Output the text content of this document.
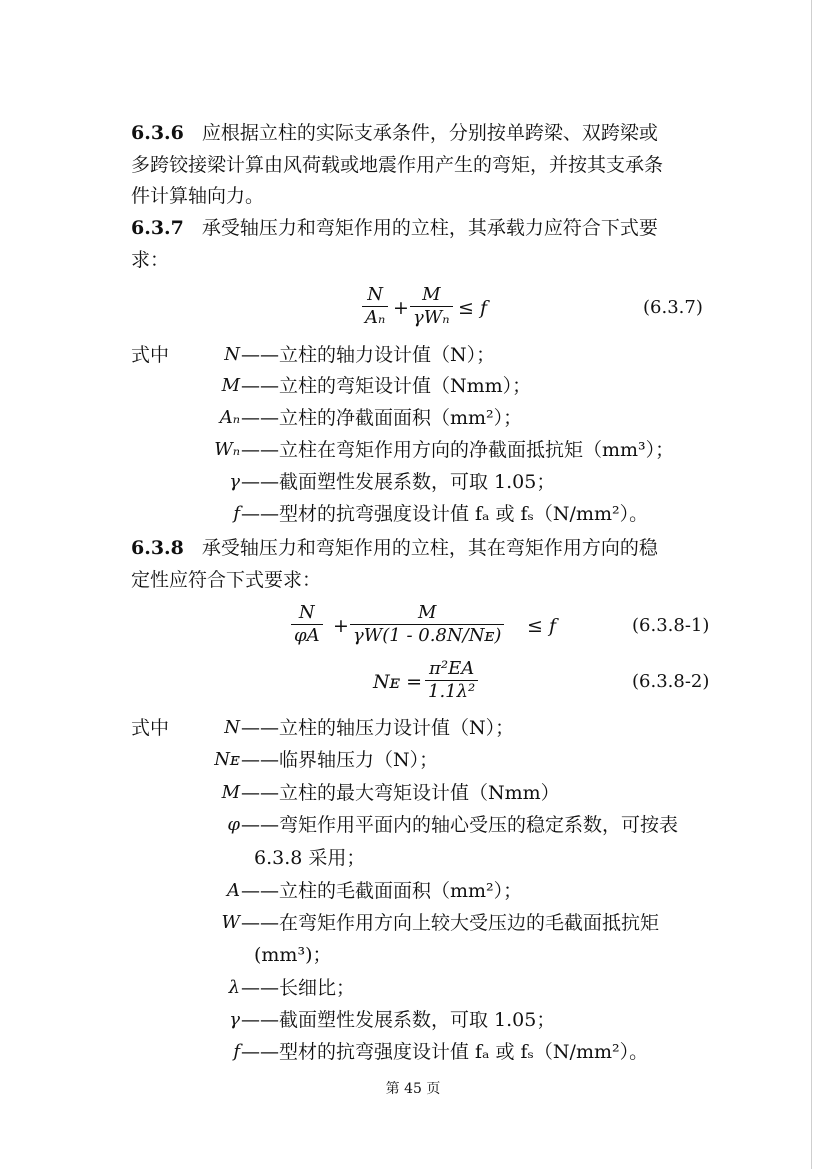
6.3.6 应根据立柱的实际支承条件，分别按单跨梁、双跨梁或
多跨铰接梁计算由风荷载或地震作用产生的弯矩，并按其支承条
件计算轴向力。
6.3.7 承受轴压力和弯矩作用的立柱，其承载力应符合下式要
求：
$\frac{N}{\text{Aₙ}}$ +
M
γWₙ ≤ f	(6.3.7)
式中	N ——立柱的轴力设计值（N）；
M ——立柱的弯矩设计值（Nmm）；
Aₙ ——立柱的净截面面积（mm²）；
Wₙ ——立柱在弯矩作用方向的净截面抵抗矩（mm³）；
γ ——截面塑性发展系数，可取 1.05；
f ——型材的抗弯强度设计值 fₐ 或 fₛ（N/mm²）。
6.3.8 承受轴压力和弯矩作用的立柱，其在弯矩作用方向的稳
定性应符合下式要求：
$\frac{N}{\varphi A} + \frac{M}{\text{γW(1 - 0.8N/Nᴇ)}} \le f$	(6.3.8-1)
Nᴇ = $\frac{\text{π²EA}}{\text{1.1λ²}}$	(6.3.8-2)
式中	N ——立柱的轴压力设计值（N）；
Nᴇ ——临界轴压力（N）；
M ——立柱的最大弯矩设计值（Nmm）
φ ——弯矩作用平面内的轴心受压的稳定系数，可按表
6.3.8 采用；
A ——立柱的毛截面面积（mm²）；
W ——在弯矩作用方向上较大受压边的毛截面抵抗矩
(mm³)；
λ ——长细比；
γ ——截面塑性发展系数，可取 1.05；
f ——型材的抗弯强度设计值 fₐ 或 fₛ（N/mm²）。
第 45 页
